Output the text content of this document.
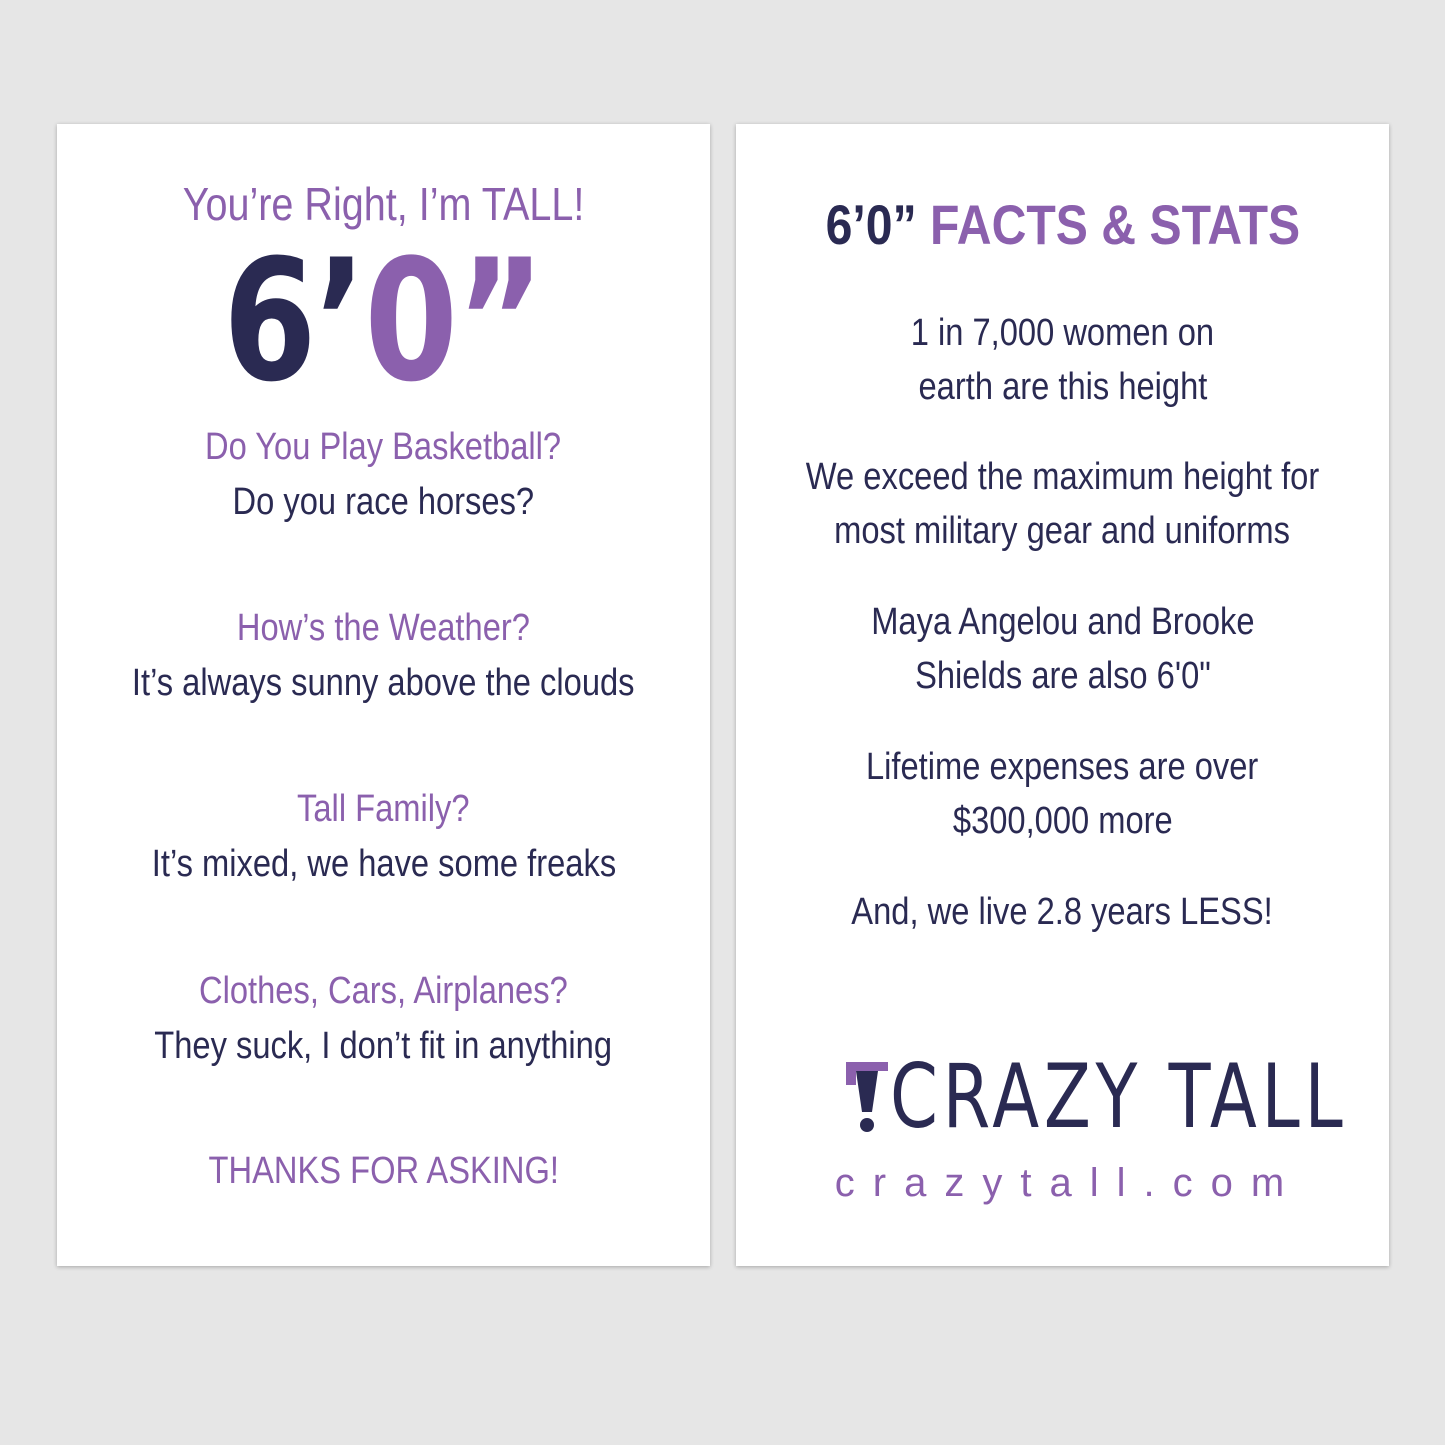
You’re Right, I’m TALL!
6’0”
Do You Play Basketball?
Do you race horses?
How’s the Weather?
It’s always sunny above the clouds
Tall Family?
It’s mixed, we have some freaks
Clothes, Cars, Airplanes?
They suck, I don’t fit in anything
THANKS FOR ASKING!
6’0” FACTS & STATS
1 in 7,000 women on
earth are this height
We exceed the maximum height for
most military gear and uniforms
Maya Angelou and Brooke
Shields are also 6'0"
Lifetime expenses are over
$300,000 more
And, we live 2.8 years LESS!
CRAZY TALL
crazytall.com
